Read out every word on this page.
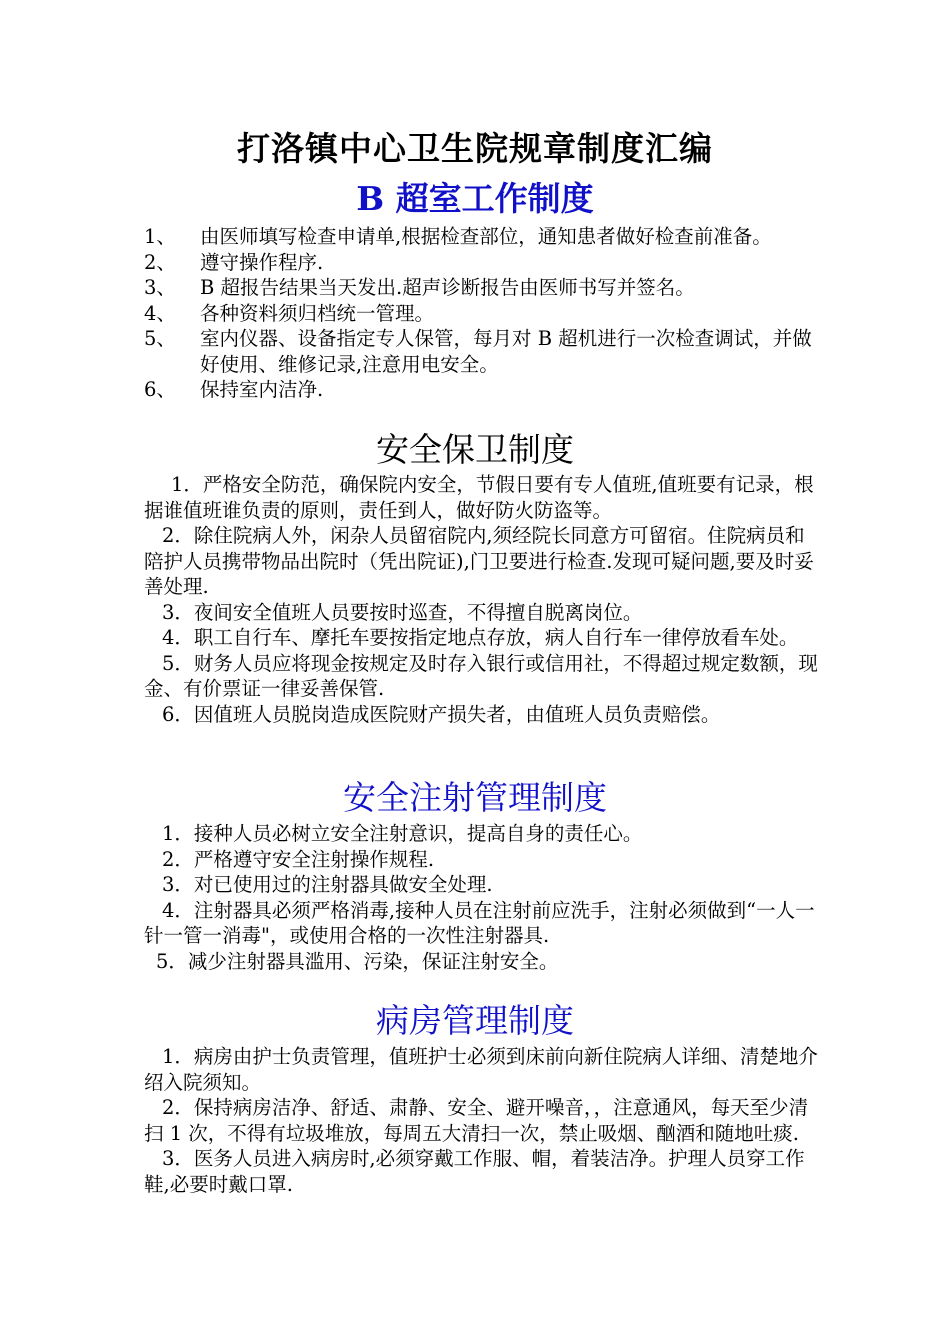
打洛镇中心卫生院规章制度汇编
B 超室工作制度
1、	由医师填写检查申请单,根据检查部位，通知患者做好检查前准备。
2、 遵守操作程序.
3、 B 超报告结果当天发出.超声诊断报告由医师书写并签名。
4、 各种资料须归档统一管理。
5、	室内仪器、设备指定专人保管，每月对 B 超机进行一次检查调试，并做好使用、维修记录,注意用电安全。
6、 保持室内洁净.
安全保卫制度

1．严格安全防范，确保院内安全，节假日要有专人值班,值班要有记录，根据谁值班谁负责的原则，责任到人，做好防火防盗等。

2．除住院病人外，闲杂人员留宿院内,须经院长同意方可留宿。住院病员和陪护人员携带物品出院时（凭出院证),门卫要进行检查.发现可疑问题,要及时妥善处理.

3．夜间安全值班人员要按时巡查，不得擅自脱离岗位。

4．职工自行车、摩托车要按指定地点存放，病人自行车一律停放看车处。

5．财务人员应将现金按规定及时存入银行或信用社，不得超过规定数额，现金、有价票证一律妥善保管.

6．因值班人员脱岗造成医院财产损失者，由值班人员负责赔偿。

安全注射管理制度

1．接种人员必树立安全注射意识，提高自身的责任心。

2．严格遵守安全注射操作规程.

3．对已使用过的注射器具做安全处理.

4．注射器具必须严格消毒,接种人员在注射前应洗手，注射必须做到“一人一针一管一消毒"，或使用合格的一次性注射器具.

5．减少注射器具滥用、污染，保证注射安全。

病房管理制度

1．病房由护士负责管理，值班护士必须到床前向新住院病人详细、清楚地介绍入院须知。

2．保持病房洁净、舒适、肃静、安全、避开噪音，，注意通风，每天至少清扫 1 次，不得有垃圾堆放，每周五大清扫一次，禁止吸烟、酗酒和随地吐痰.

3．医务人员进入病房时,必须穿戴工作服、帽，着装洁净。护理人员穿工作鞋,必要时戴口罩.
